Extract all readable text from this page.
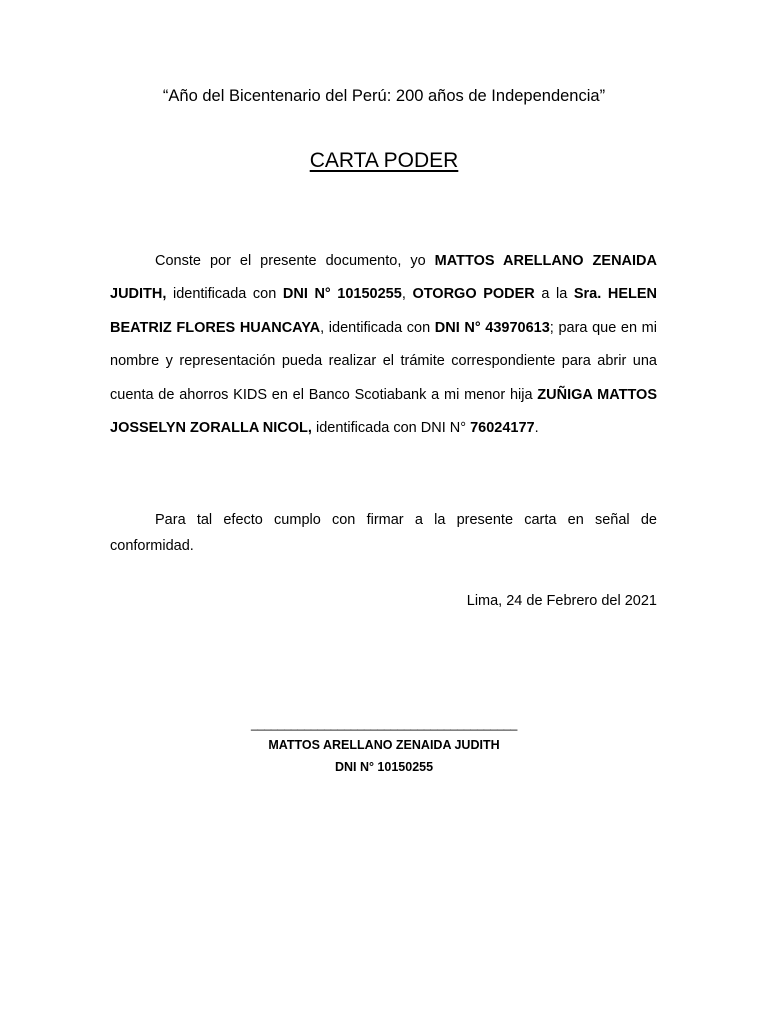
“Año del Bicentenario del Perú: 200 años de Independencia”
CARTA PODER

Conste por el presente documento, yo MATTOS ARELLANO ZENAIDA JUDITH, identificada con DNI N° 10150255, OTORGO PODER a la Sra. HELEN BEATRIZ FLORES HUANCAYA, identificada con DNI N° 43970613; para que en mi nombre y representación pueda realizar el trámite correspondiente para abrir una cuenta de ahorros KIDS en el Banco Scotiabank a mi menor hija ZUÑIGA MATTOS JOSSELYN ZORALLA NICOL, identificada con DNI N° 76024177.

Para tal efecto cumplo con firmar a la presente carta en señal de conformidad.

Lima, 24 de Febrero del 2021
________________________________________
MATTOS ARELLANO ZENAIDA JUDITH
DNI N° 10150255
